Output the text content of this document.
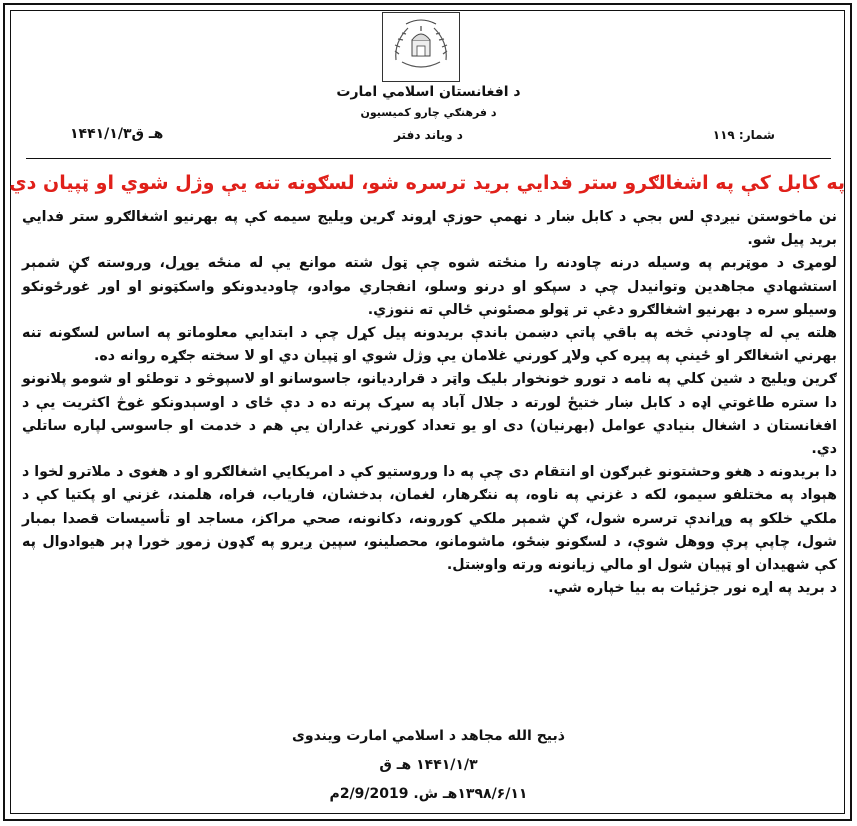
د افغانستان اسلامي امارت
د فرهنګي چارو کميسيون
د ویاند دفتر	شمار: ۱۱۹
۱۴۴۱/۱/۳هـ ق
په کابل کې په اشغالګرو ستر فدايي برید ترسره شو، لسګونه تنه يې وژل شوي او ټپيان دي

نن ماخوستن نیږدې لس بجې د کابل ښار د نهمې حوزې اړوند ګرين ویلیج سیمه کې په بهرنیو اشغالګرو ستر فدايي برید پیل شو.

لومړی د موټربم په وسیله درنه چاودنه را منځته شوه چې ټول شته موانع یې له منځه یوړل، وروسته ګڼ شمېر استشهادي مجاهدین وتوانیدل چې د سپکو او درنو وسلو، انفجاري موادو، چاودیدونکو واسکټونو او اور غورځونکو وسیلو سره د بهرنیو اشغالګرو دغې تر ټولو مصئونې ځالې ته ننوزي.

هلته یې له چاودنې څخه په باقي پاتې دښمن باندې بریدونه پیل کړل چې د ابتدايي معلوماتو په اساس لسګونه تنه بهرني اشغالګر او ځینې په پیره کې ولاړ کورني غلامان یې وژل شوي او ټپیان دي او لا سخته جګړه روانه ده.

ګرین ویلیج د شین کلي په نامه د تورو خونخوار بلیک واټر د قرارديانو، جاسوسانو او لاسپوڅو د توطئو او شومو پلانونو دا ستره طاغوتي اډه د کابل ښار ختیځ لورته د جلال آباد په سړک پرته ده د دې ځای د اوسېدونکو غوڅ اکثریت یې د افغانستان د اشغال بنیادي عوامل (بهرنیان) دی او یو تعداد کورني غداران یې هم د خدمت او جاسوسۍ لپاره ساتلي دي.

دا بریدونه د هغو وحشتونو غبرګون او انتقام دی چې په دا وروستیو کې د امریکایي اشغالګرو او د هغوی د ملاترو لخوا د هېواد په مختلفو سیمو، لکه د غزني په ناوه، په ننګرهار، لغمان، بدخشان، فاریاب، فراه، هلمند، غزني او پکتیا کې د ملکي خلکو په وړاندې ترسره شول، ګڼ شمېر ملکي کورونه، دکانونه، صحي مراکز، مساجد او تأسیسات قصدا بمبار شول، چاپې پرې ووهل شوې، د لسګونو ښځو، ماشومانو، محصلینو، سپین ږیرو په ګډون زموږ خورا ډېر هیوادوال په کې شهیدان او ټپیان شول او مالي زیانونه ورته واوښتل.

د برید په اړه نور جزئیات به بیا خپاره شي.

ذبیح الله مجاهد د اسلامي امارت ویندوی
۱۴۴۱/۱/۳ هـ ق
۱۳۹۸/۶/۱۱هـ ش. 2/9/2019م
